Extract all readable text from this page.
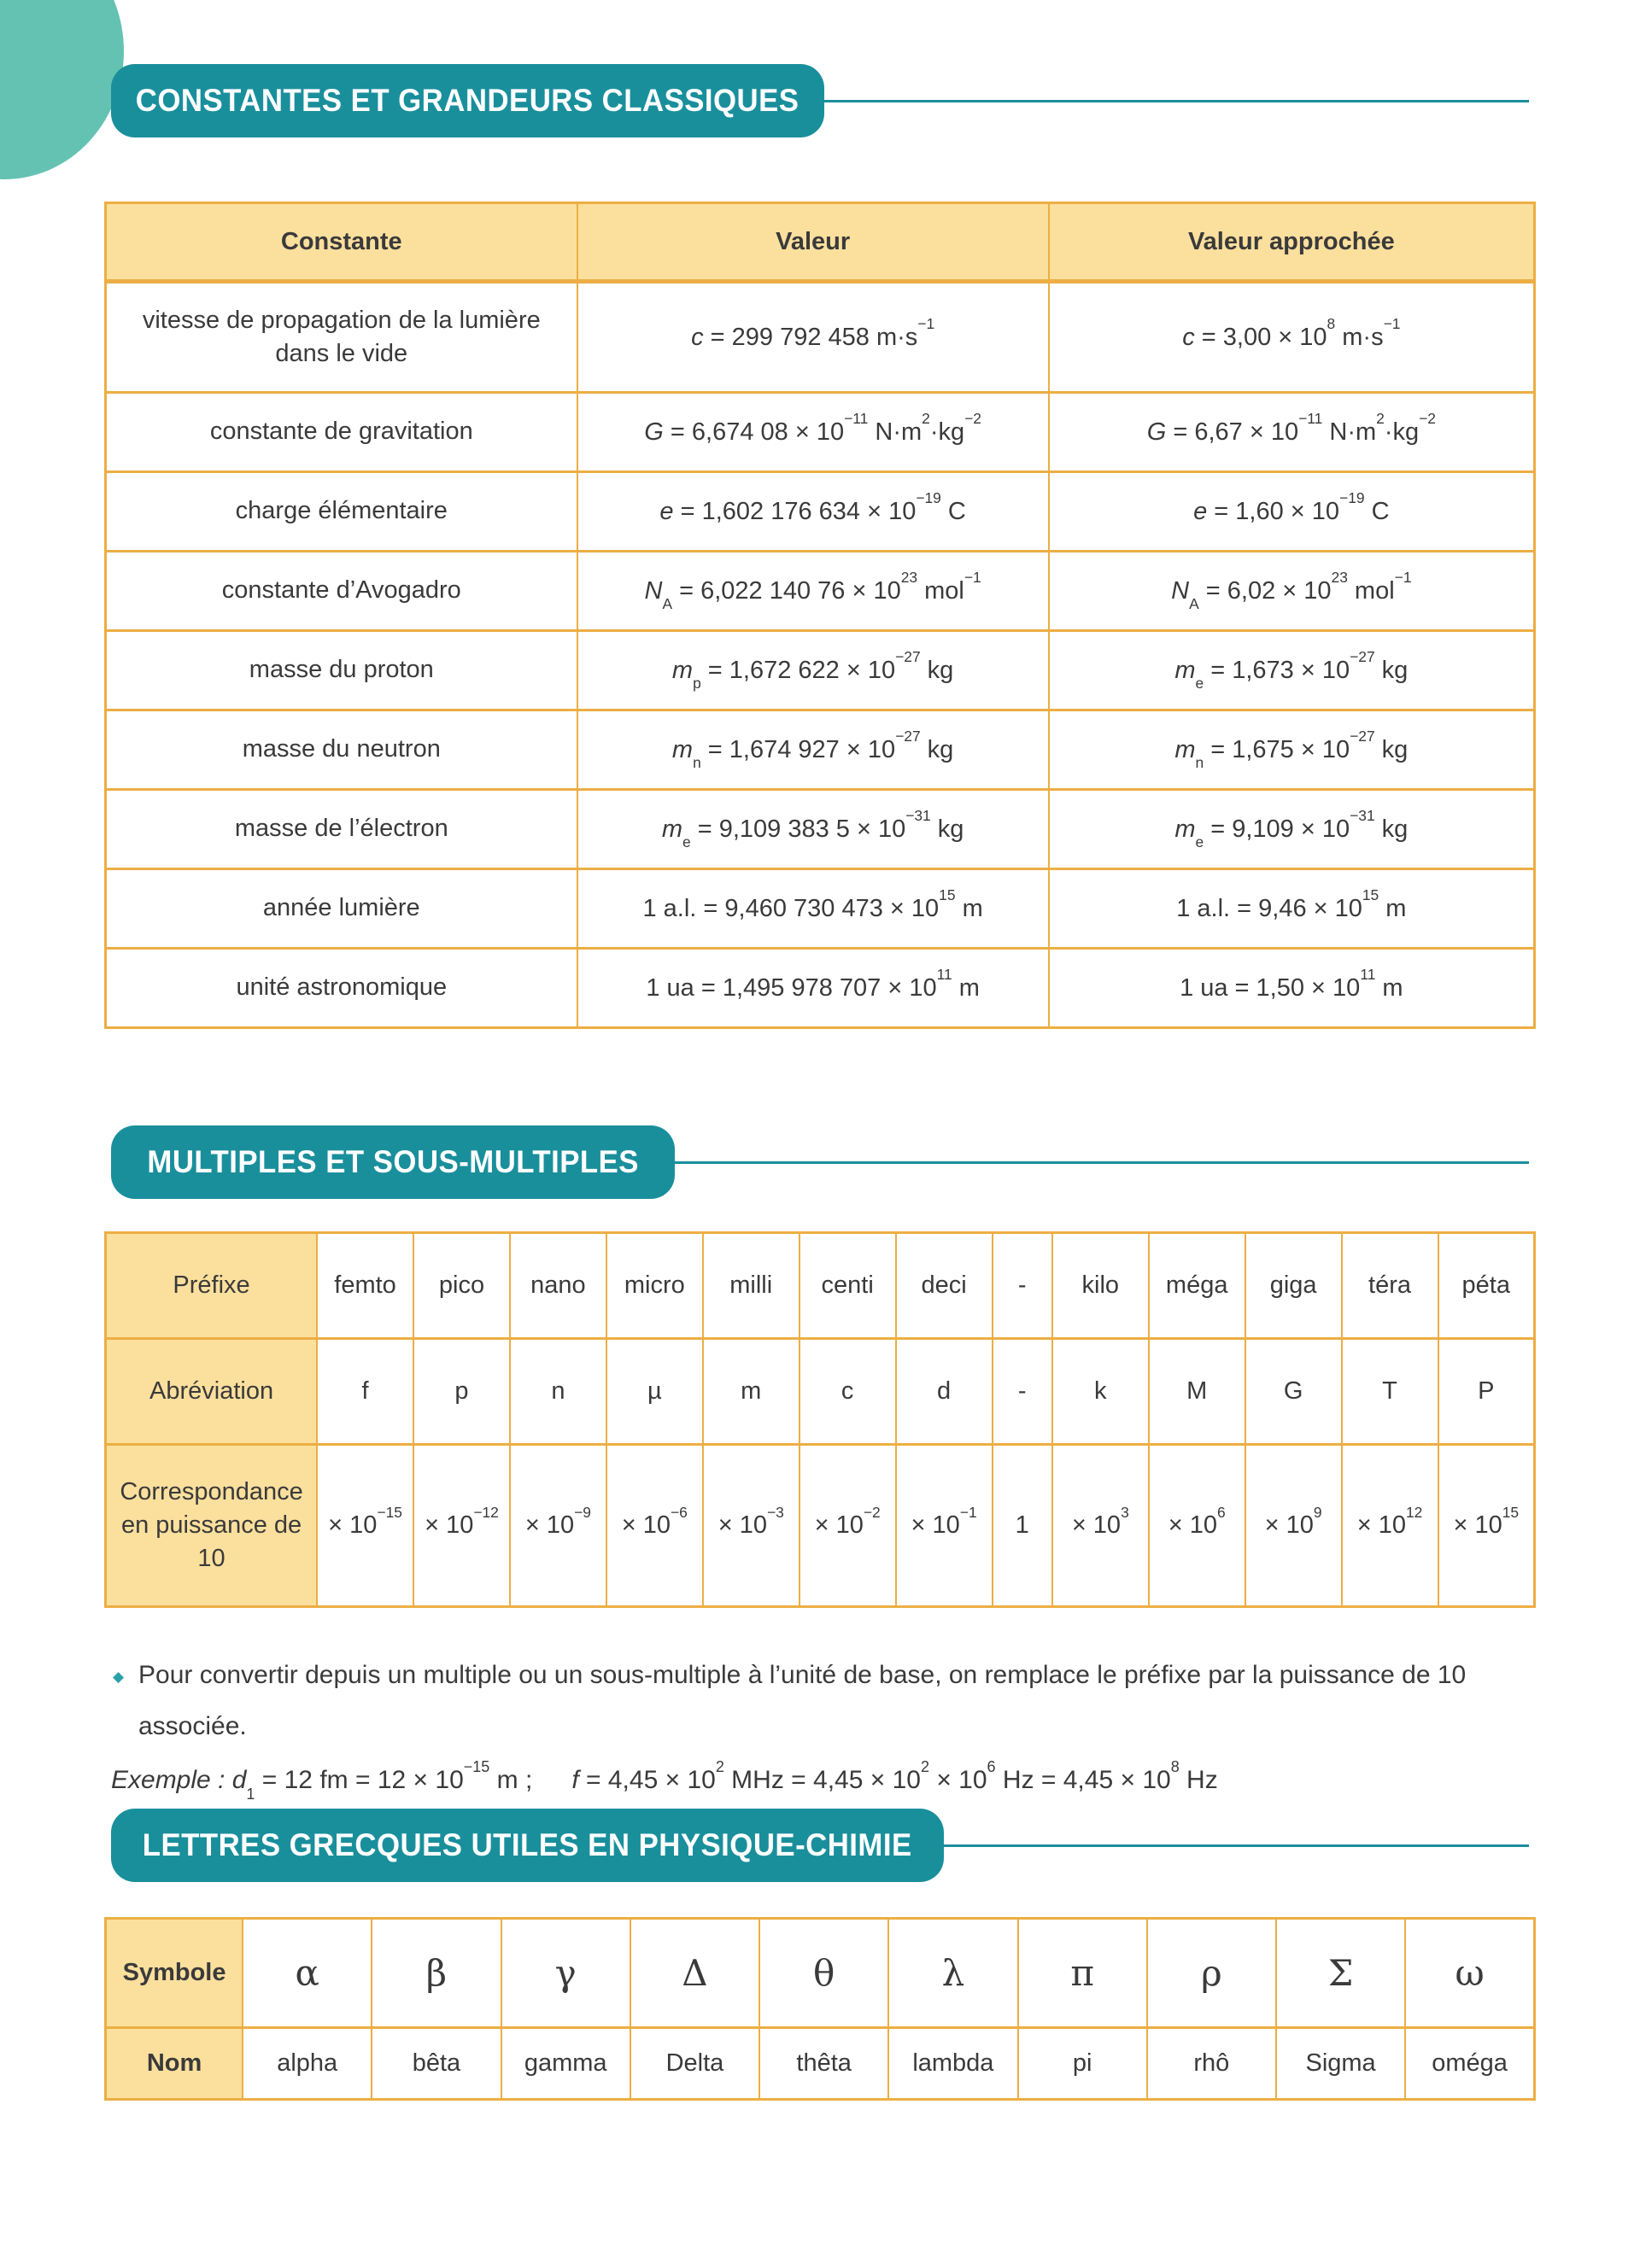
CONSTANTES ET GRANDEURS CLASSIQUES
Constante	Valeur	Valeur approchée
vitesse de propagation de la lumière dans le vide	c = 299 792 458 $m\cdot s^{-1}$	$c = 3,00 \times 10^8$ $m\cdot s^{-1}$
constante de gravitation	G = 6,674 $08 \times 10^{-11}$ $N\cdot m^2\cdot kg^{-2}$	$G = 6,67 \times 10^{-11}$ $N\cdot m^2\cdot kg^{-2}$
charge élémentaire	e = 1,602 176 $634 \times 10^{-19}$ C	$e = 1,60 \times 10^{-19}$ C
constante d’Avogadro	$N_A = 6,022$ 140 $76 \times 10^{23}$ mol$^{-1}$	$N_A = 6,02 \times 10^{23}$ mol$^{-1}$
masse du proton	$m_p = 1,672$ $622 \times 10^{-27}$ kg	$m_e = 1,673 \times 10^{-27}$ kg
masse du neutron	$m_n = 1,674$ $927 \times 10^{-27}$ kg	$m_n = 1,675 \times 10^{-27}$ kg
masse de l’électron	$m_e = 9,109$ 383 $5 \times 10^{-31}$ kg	$m_e = 9,109 \times 10^{-31}$ kg
année lumière	1 a.l. = 9,460 730 $473 \times 10^{15}$ m	1 a.l. = $9,46 \times 10^{15}$ m
unité astronomique	1 ua = 1,495 978 $707 \times 10^{11}$ m	1 ua = $1,50 \times 10^{11}$ m
MULTIPLES ET SOUS-MULTIPLES
Préfixe	femto	pico	nano	micro	milli	centi	deci	-	kilo	méga	giga	téra	péta
Abréviation	f	p	n	µ	m	c	d	-	k	M	G	T	P
Correspondance en puissance de 10	× $10^{-15}$	× $10^{-12}$	× $10^{-9}$	× $10^{-6}$	× $10^{-3}$	× $10^{-2}$	× $10^{-1}$	1	× $10^3$	× $10^6$	× $10^9$	× $10^{12}$	× $10^{15}$
◆ Pour convertir depuis un multiple ou un sous-multiple à l’unité de base, on remplace le préfixe par la puissance de 10 associée.
Exemple : $d_1 = 12$ fm = $12 \times 10^{-15}$ m ; $f = 4,45 \times 10^2$ MHz = $4,45 \times 10^2 \times 10^6$ $Hz = 4,45 \times 10^8$ Hz
LETTRES GRECQUES UTILES EN PHYSIQUE-CHIMIE
Symbole	α	β	γ	Δ	θ	λ	π	ρ	Σ	ω
Nom	alpha	bêta	gamma	Delta	thêta	lambda	pi	rhô	Sigma	oméga
